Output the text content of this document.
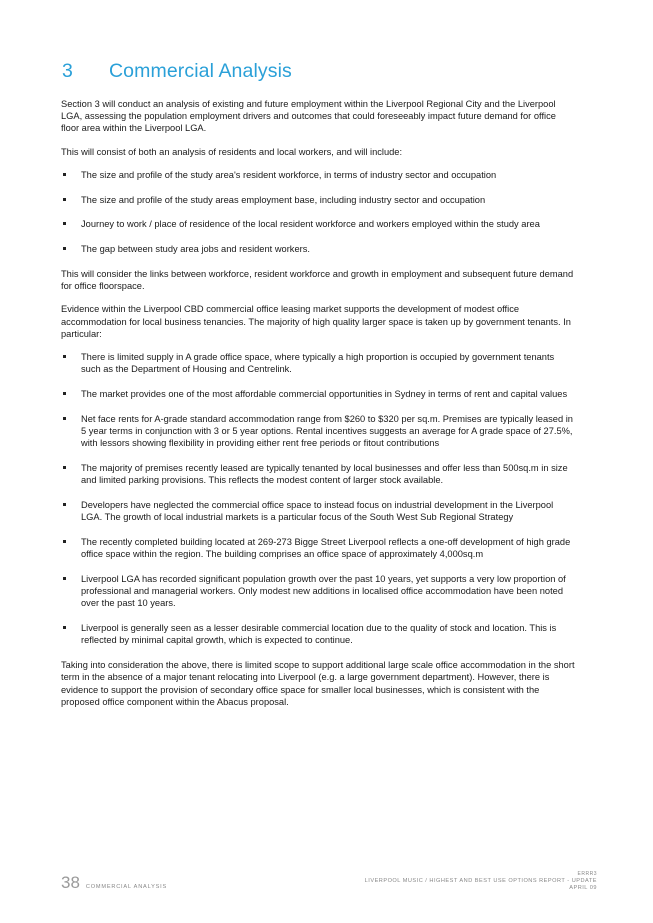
3 Commercial Analysis

Section 3 will conduct an analysis of existing and future employment within the Liverpool Regional City and the Liverpool LGA, assessing the population employment drivers and outcomes that could foreseeably impact future demand for office floor area within the Liverpool LGA.

This will consist of both an analysis of residents and local workers, and will include:

The size and profile of the study area's resident workforce, in terms of industry sector and occupation
The size and profile of the study areas employment base, including industry sector and occupation
Journey to work / place of residence of the local resident workforce and workers employed within the study area
The gap between study area jobs and resident workers.

This will consider the links between workforce, resident workforce and growth in employment and subsequent future demand for office floorspace.

Evidence within the Liverpool CBD commercial office leasing market supports the development of modest office accommodation for local business tenancies. The majority of high quality larger space is taken up by government tenants. In particular:

There is limited supply in A grade office space, where typically a high proportion is occupied by government tenants such as the Department of Housing and Centrelink.
The market provides one of the most affordable commercial opportunities in Sydney in terms of rent and capital values
Net face rents for A-grade standard accommodation range from $260 to $320 per sq.m. Premises are typically leased in 5 year terms in conjunction with 3 or 5 year options. Rental incentives suggests an average for A grade space of 27.5%, with lessors showing flexibility in providing either rent free periods or fitout contributions
The majority of premises recently leased are typically tenanted by local businesses and offer less than 500sq.m in size and limited parking provisions. This reflects the modest content of larger stock available.
Developers have neglected the commercial office space to instead focus on industrial development in the Liverpool LGA. The growth of local industrial markets is a particular focus of the South West Sub Regional Strategy
The recently completed building located at 269-273 Bigge Street Liverpool reflects a one-off development of high grade office space within the region. The building comprises an office space of approximately 4,000sq.m
Liverpool LGA has recorded significant population growth over the past 10 years, yet supports a very low proportion of professional and managerial workers. Only modest new additions in localised office accommodation have been noted over the past 10 years.
Liverpool is generally seen as a lesser desirable commercial location due to the quality of stock and location. This is reflected by minimal capital growth, which is expected to continue.

Taking into consideration the above, there is limited scope to support additional large scale office accommodation in the short term in the absence of a major tenant relocating into Liverpool (e.g. a large government department). However, there is evidence to support the provision of secondary office space for smaller local businesses, which is consistent with the proposed office component within the Abacus proposal.

38 COMMERCIAL ANALYSIS
ERRR3
LIVERPOOL MUSIC / HIGHEST AND BEST USE OPTIONS REPORT - UPDATE
APRIL 09
